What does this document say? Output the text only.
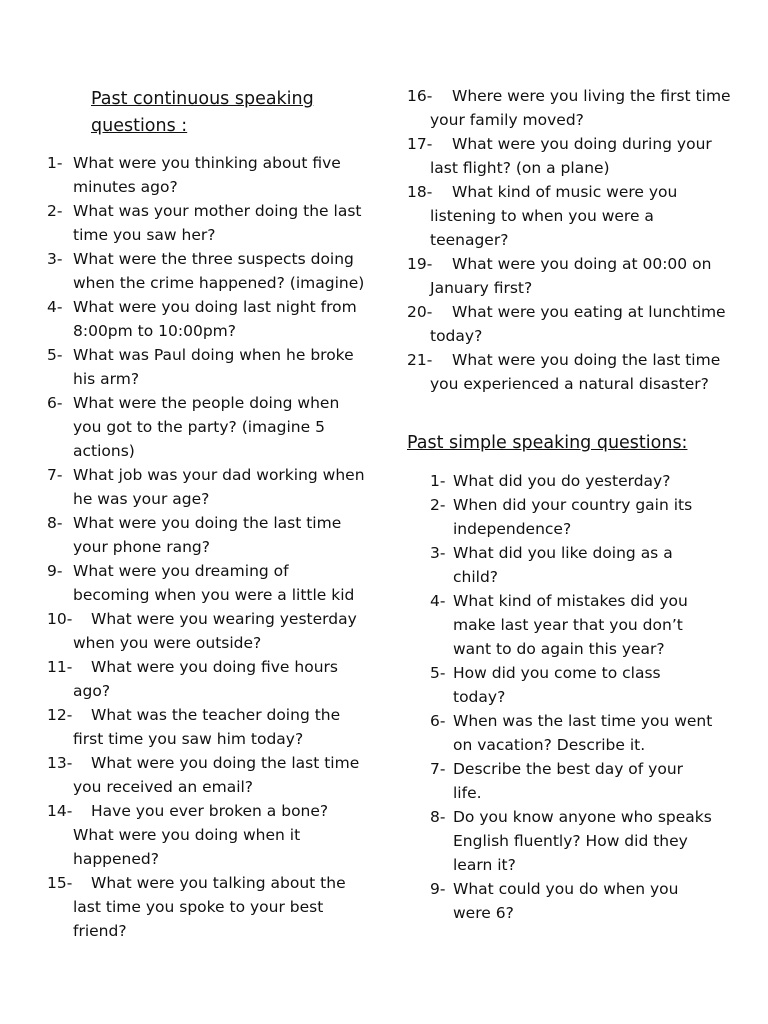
Past continuous speaking questions :

1- What were you thinking about five minutes ago?
2- What was your mother doing the last time you saw her?
3- What were the three suspects doing when the crime happened? (imagine)
4- What were you doing last night from 8:00pm to 10:00pm?
5- What was Paul doing when he broke his arm?
6- What were the people doing when you got to the party? (imagine 5 actions)
7- What job was your dad working when he was your age?
8- What were you doing the last time your phone rang?
9- What were you dreaming of becoming when you were a little kid
10- What were you wearing yesterday when you were outside?
11- What were you doing five hours ago?
12- What was the teacher doing the first time you saw him today?
13- What were you doing the last time you received an email?
14- Have you ever broken a bone? What were you doing when it happened?
15- What were you talking about the last time you spoke to your best friend?
16- Where were you living the first time your family moved?
17- What were you doing during your last flight? (on a plane)
18- What kind of music were you listening to when you were a teenager?
19- What were you doing at 00:00 on January first?
20- What were you eating at lunchtime today?
21- What were you doing the last time you experienced a natural disaster?

Past simple speaking questions:

1- What did you do yesterday?
2- When did your country gain its independence?
3- What did you like doing as a child?
4- What kind of mistakes did you make last year that you don’t want to do again this year?
5- How did you come to class today?
6- When was the last time you went on vacation? Describe it.
7- Describe the best day of your life.
8- Do you know anyone who speaks English fluently? How did they learn it?
9- What could you do when you were 6?
